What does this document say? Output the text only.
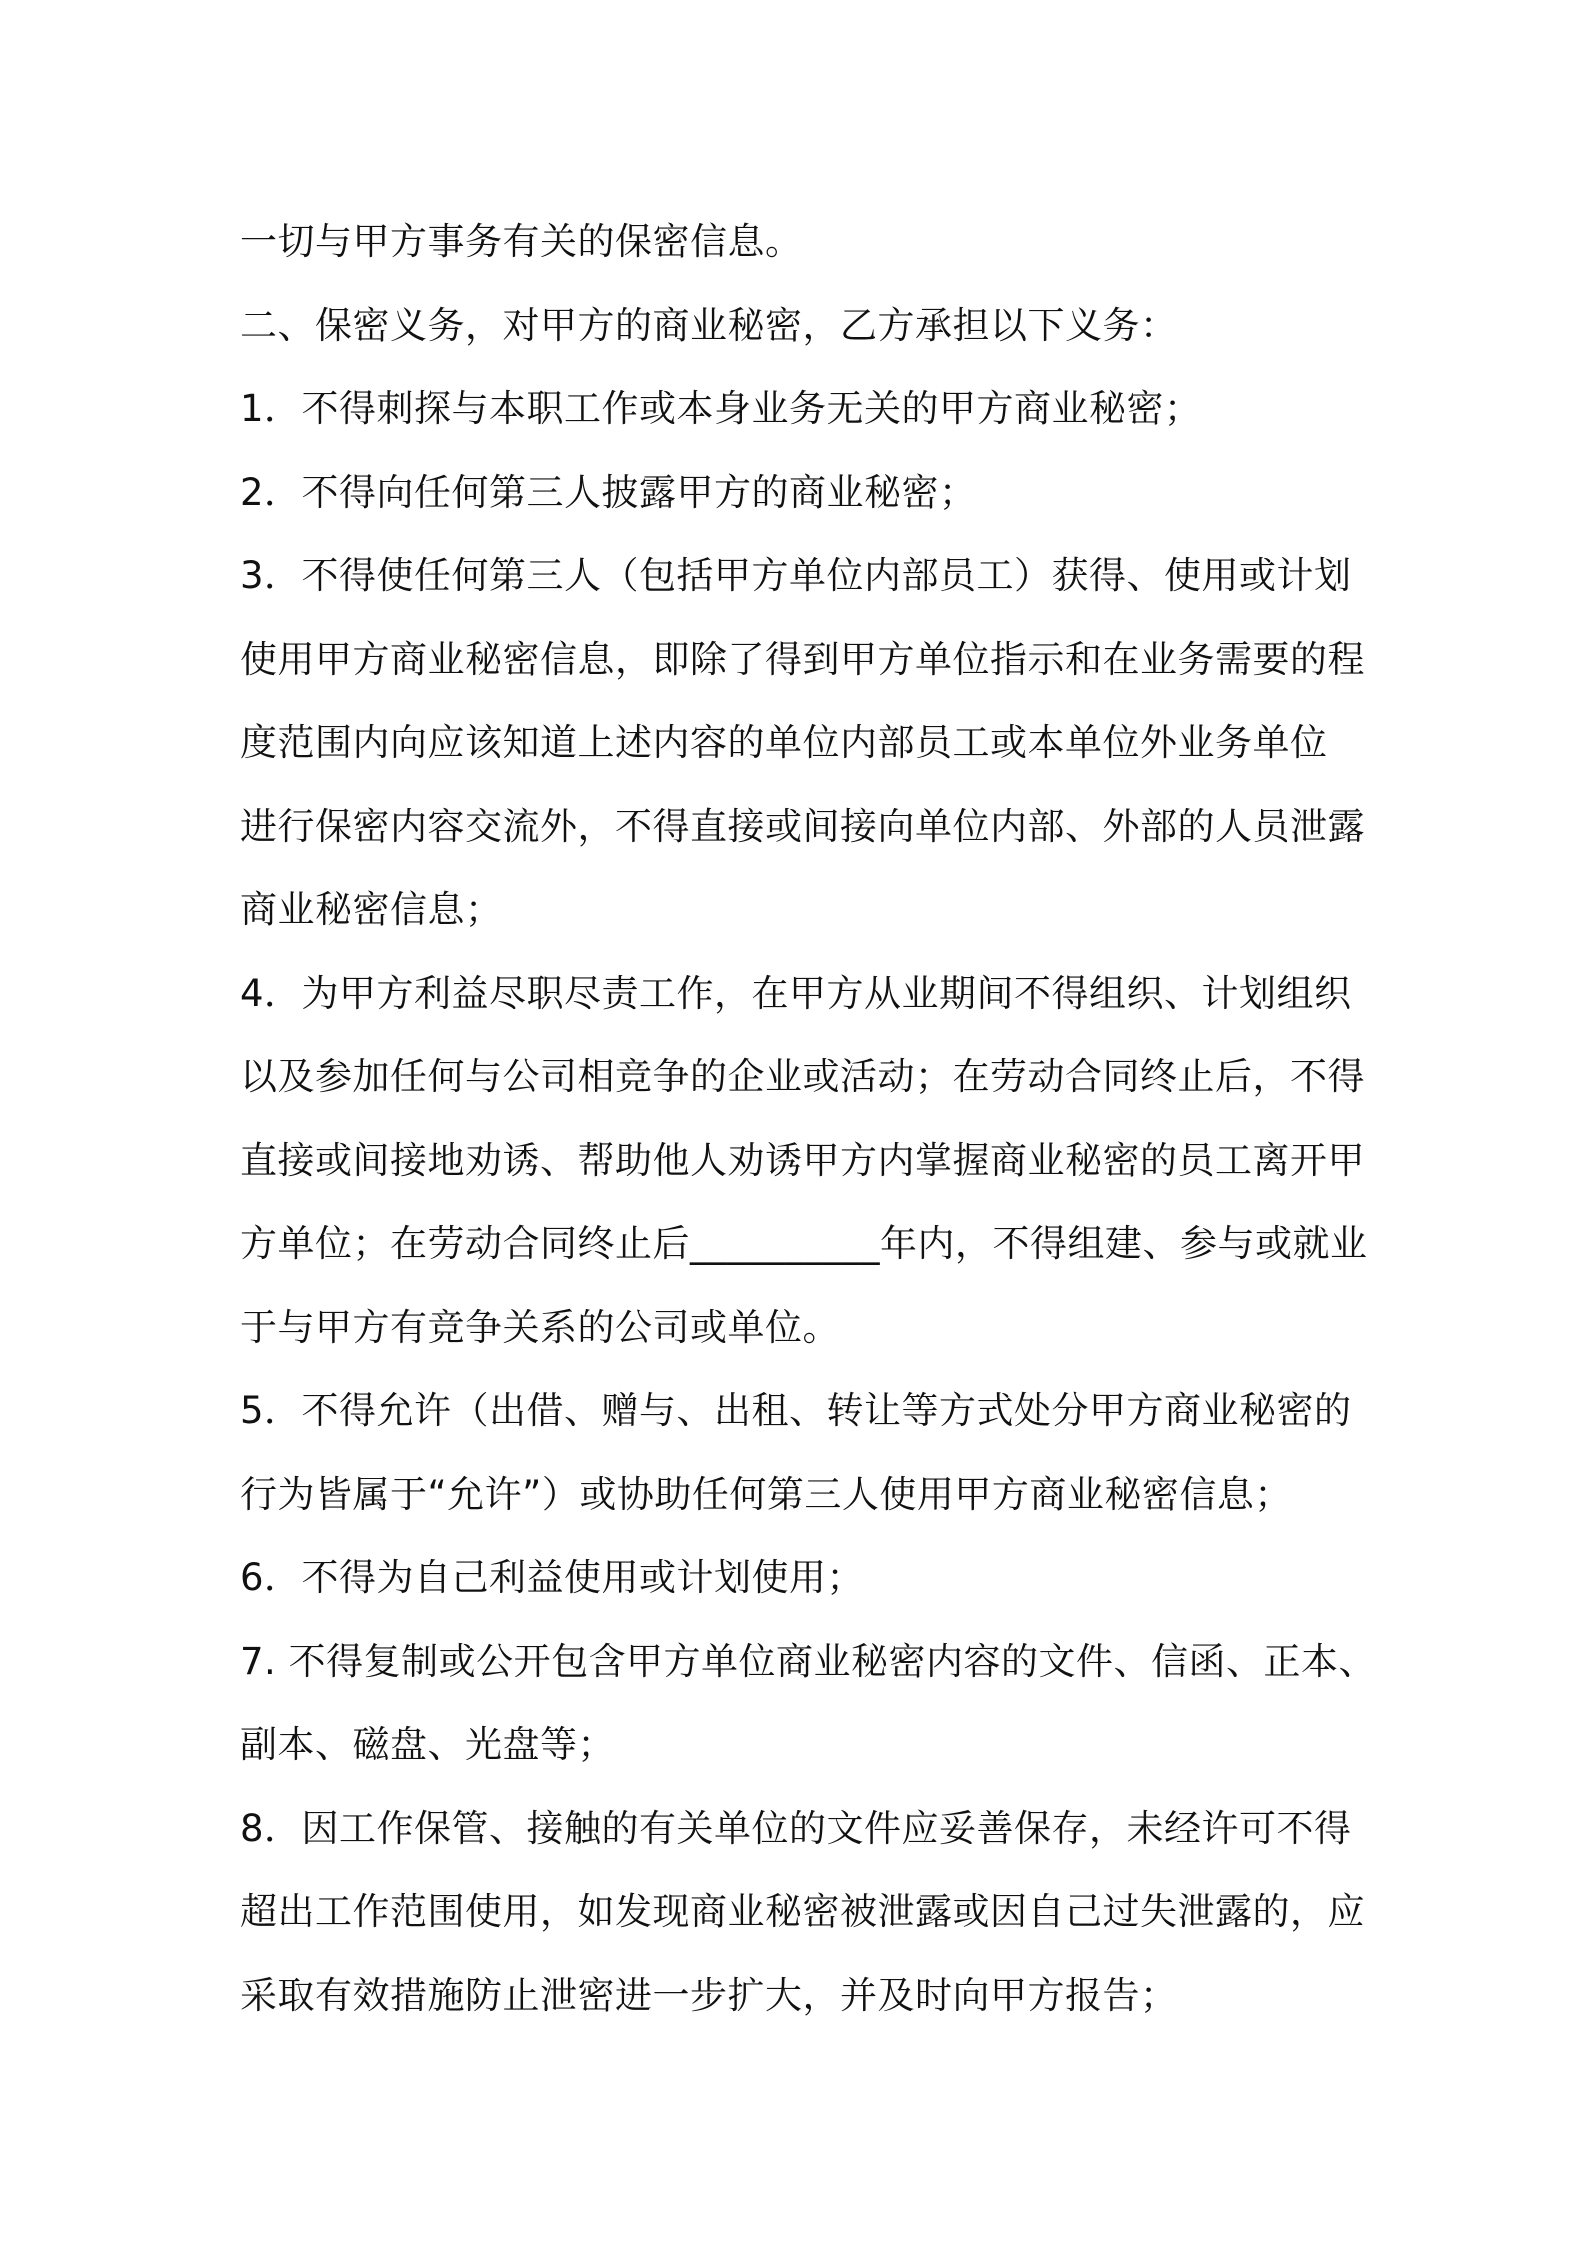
一切与甲方事务有关的保密信息。
二、保密义务，对甲方的商业秘密，乙方承担以下义务：
1．不得刺探与本职工作或本身业务无关的甲方商业秘密；
2．不得向任何第三人披露甲方的商业秘密；
3．不得使任何第三人（包括甲方单位内部员工）获得、使用或计划
使用甲方商业秘密信息，即除了得到甲方单位指示和在业务需要的程
度范围内向应该知道上述内容的单位内部员工或本单位外业务单位
进行保密内容交流外，不得直接或间接向单位内部、外部的人员泄露
商业秘密信息；
4．为甲方利益尽职尽责工作，在甲方从业期间不得组织、计划组织
以及参加任何与公司相竞争的企业或活动；在劳动合同终止后，不得
直接或间接地劝诱、帮助他人劝诱甲方内掌握商业秘密的员工离开甲
方单位；在劳动合同终止后__________年内，不得组建、参与或就业
于与甲方有竞争关系的公司或单位。
5．不得允许（出借、赠与、出租、转让等方式处分甲方商业秘密的
行为皆属于“允许”）或协助任何第三人使用甲方商业秘密信息；
6．不得为自己利益使用或计划使用；
7. 不得复制或公开包含甲方单位商业秘密内容的文件、信函、正本、
副本、磁盘、光盘等；
8．因工作保管、接触的有关单位的文件应妥善保存，未经许可不得
超出工作范围使用，如发现商业秘密被泄露或因自己过失泄露的，应
采取有效措施防止泄密进一步扩大，并及时向甲方报告；
